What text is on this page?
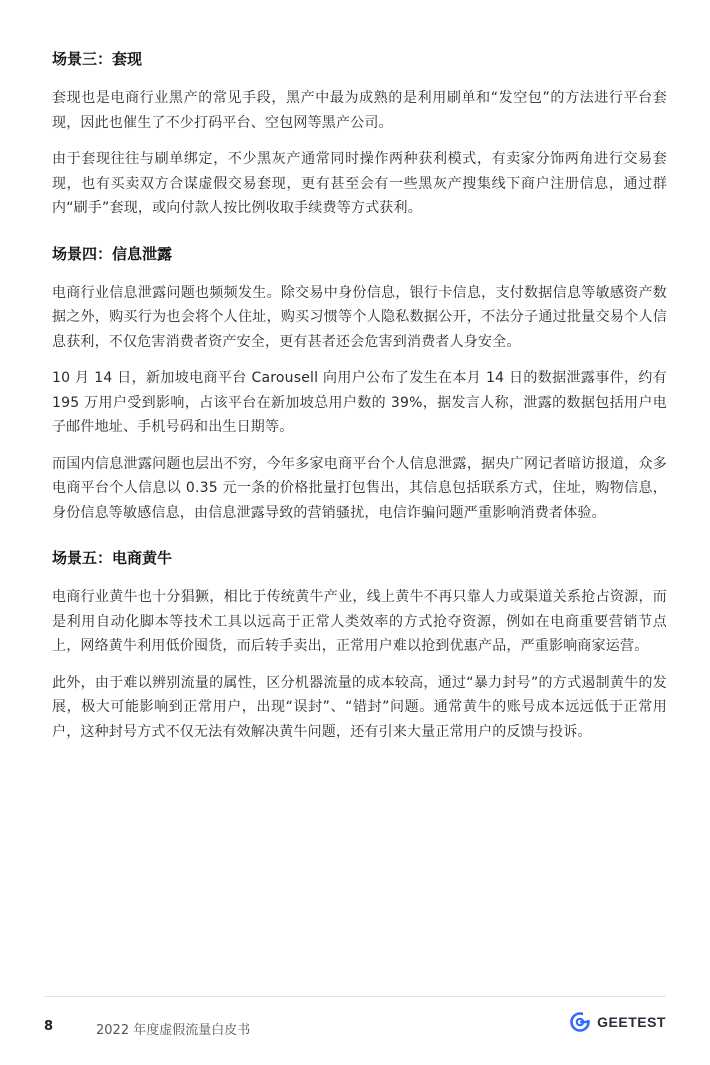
场景三：套现

套现也是电商行业黑产的常见手段，黑产中最为成熟的是利用刷单和“发空包”的方法进行平台套现，因此也催生了不少打码平台、空包网等黑产公司。

由于套现往往与刷单绑定，不少黑灰产通常同时操作两种获利模式，有卖家分饰两角进行交易套现，也有买卖双方合谋虚假交易套现，更有甚至会有一些黑灰产搜集线下商户注册信息，通过群内“刷手”套现，或向付款人按比例收取手续费等方式获利。

场景四：信息泄露

电商行业信息泄露问题也频频发生。除交易中身份信息，银行卡信息，支付数据信息等敏感资产数据之外，购买行为也会将个人住址，购买习惯等个人隐私数据公开，不法分子通过批量交易个人信息获利，不仅危害消费者资产安全，更有甚者还会危害到消费者人身安全。

10 月 14 日，新加坡电商平台 Carousell 向用户公布了发生在本月 14 日的数据泄露事件，约有 195 万用户受到影响，占该平台在新加坡总用户数的 39%，据发言人称，泄露的数据包括用户电子邮件地址、手机号码和出生日期等。

而国内信息泄露问题也层出不穷，今年多家电商平台个人信息泄露，据央广网记者暗访报道，众多电商平台个人信息以 0.35 元一条的价格批量打包售出，其信息包括联系方式，住址，购物信息，身份信息等敏感信息，由信息泄露导致的营销骚扰，电信诈骗问题严重影响消费者体验。

场景五：电商黄牛

电商行业黄牛也十分猖獗，相比于传统黄牛产业，线上黄牛不再只靠人力或渠道关系抢占资源，而是利用自动化脚本等技术工具以远高于正常人类效率的方式抢夺资源，例如在电商重要营销节点上，网络黄牛利用低价囤货，而后转手卖出，正常用户难以抢到优惠产品，严重影响商家运营。

此外，由于难以辨别流量的属性，区分机器流量的成本较高，通过“暴力封号”的方式遏制黄牛的发展，极大可能影响到正常用户，出现“误封”、“错封”问题。通常黄牛的账号成本远远低于正常用户，这种封号方式不仅无法有效解决黄牛问题，还有引来大量正常用户的反馈与投诉。

8	2022 年度虚假流量白皮书
GEETEST
